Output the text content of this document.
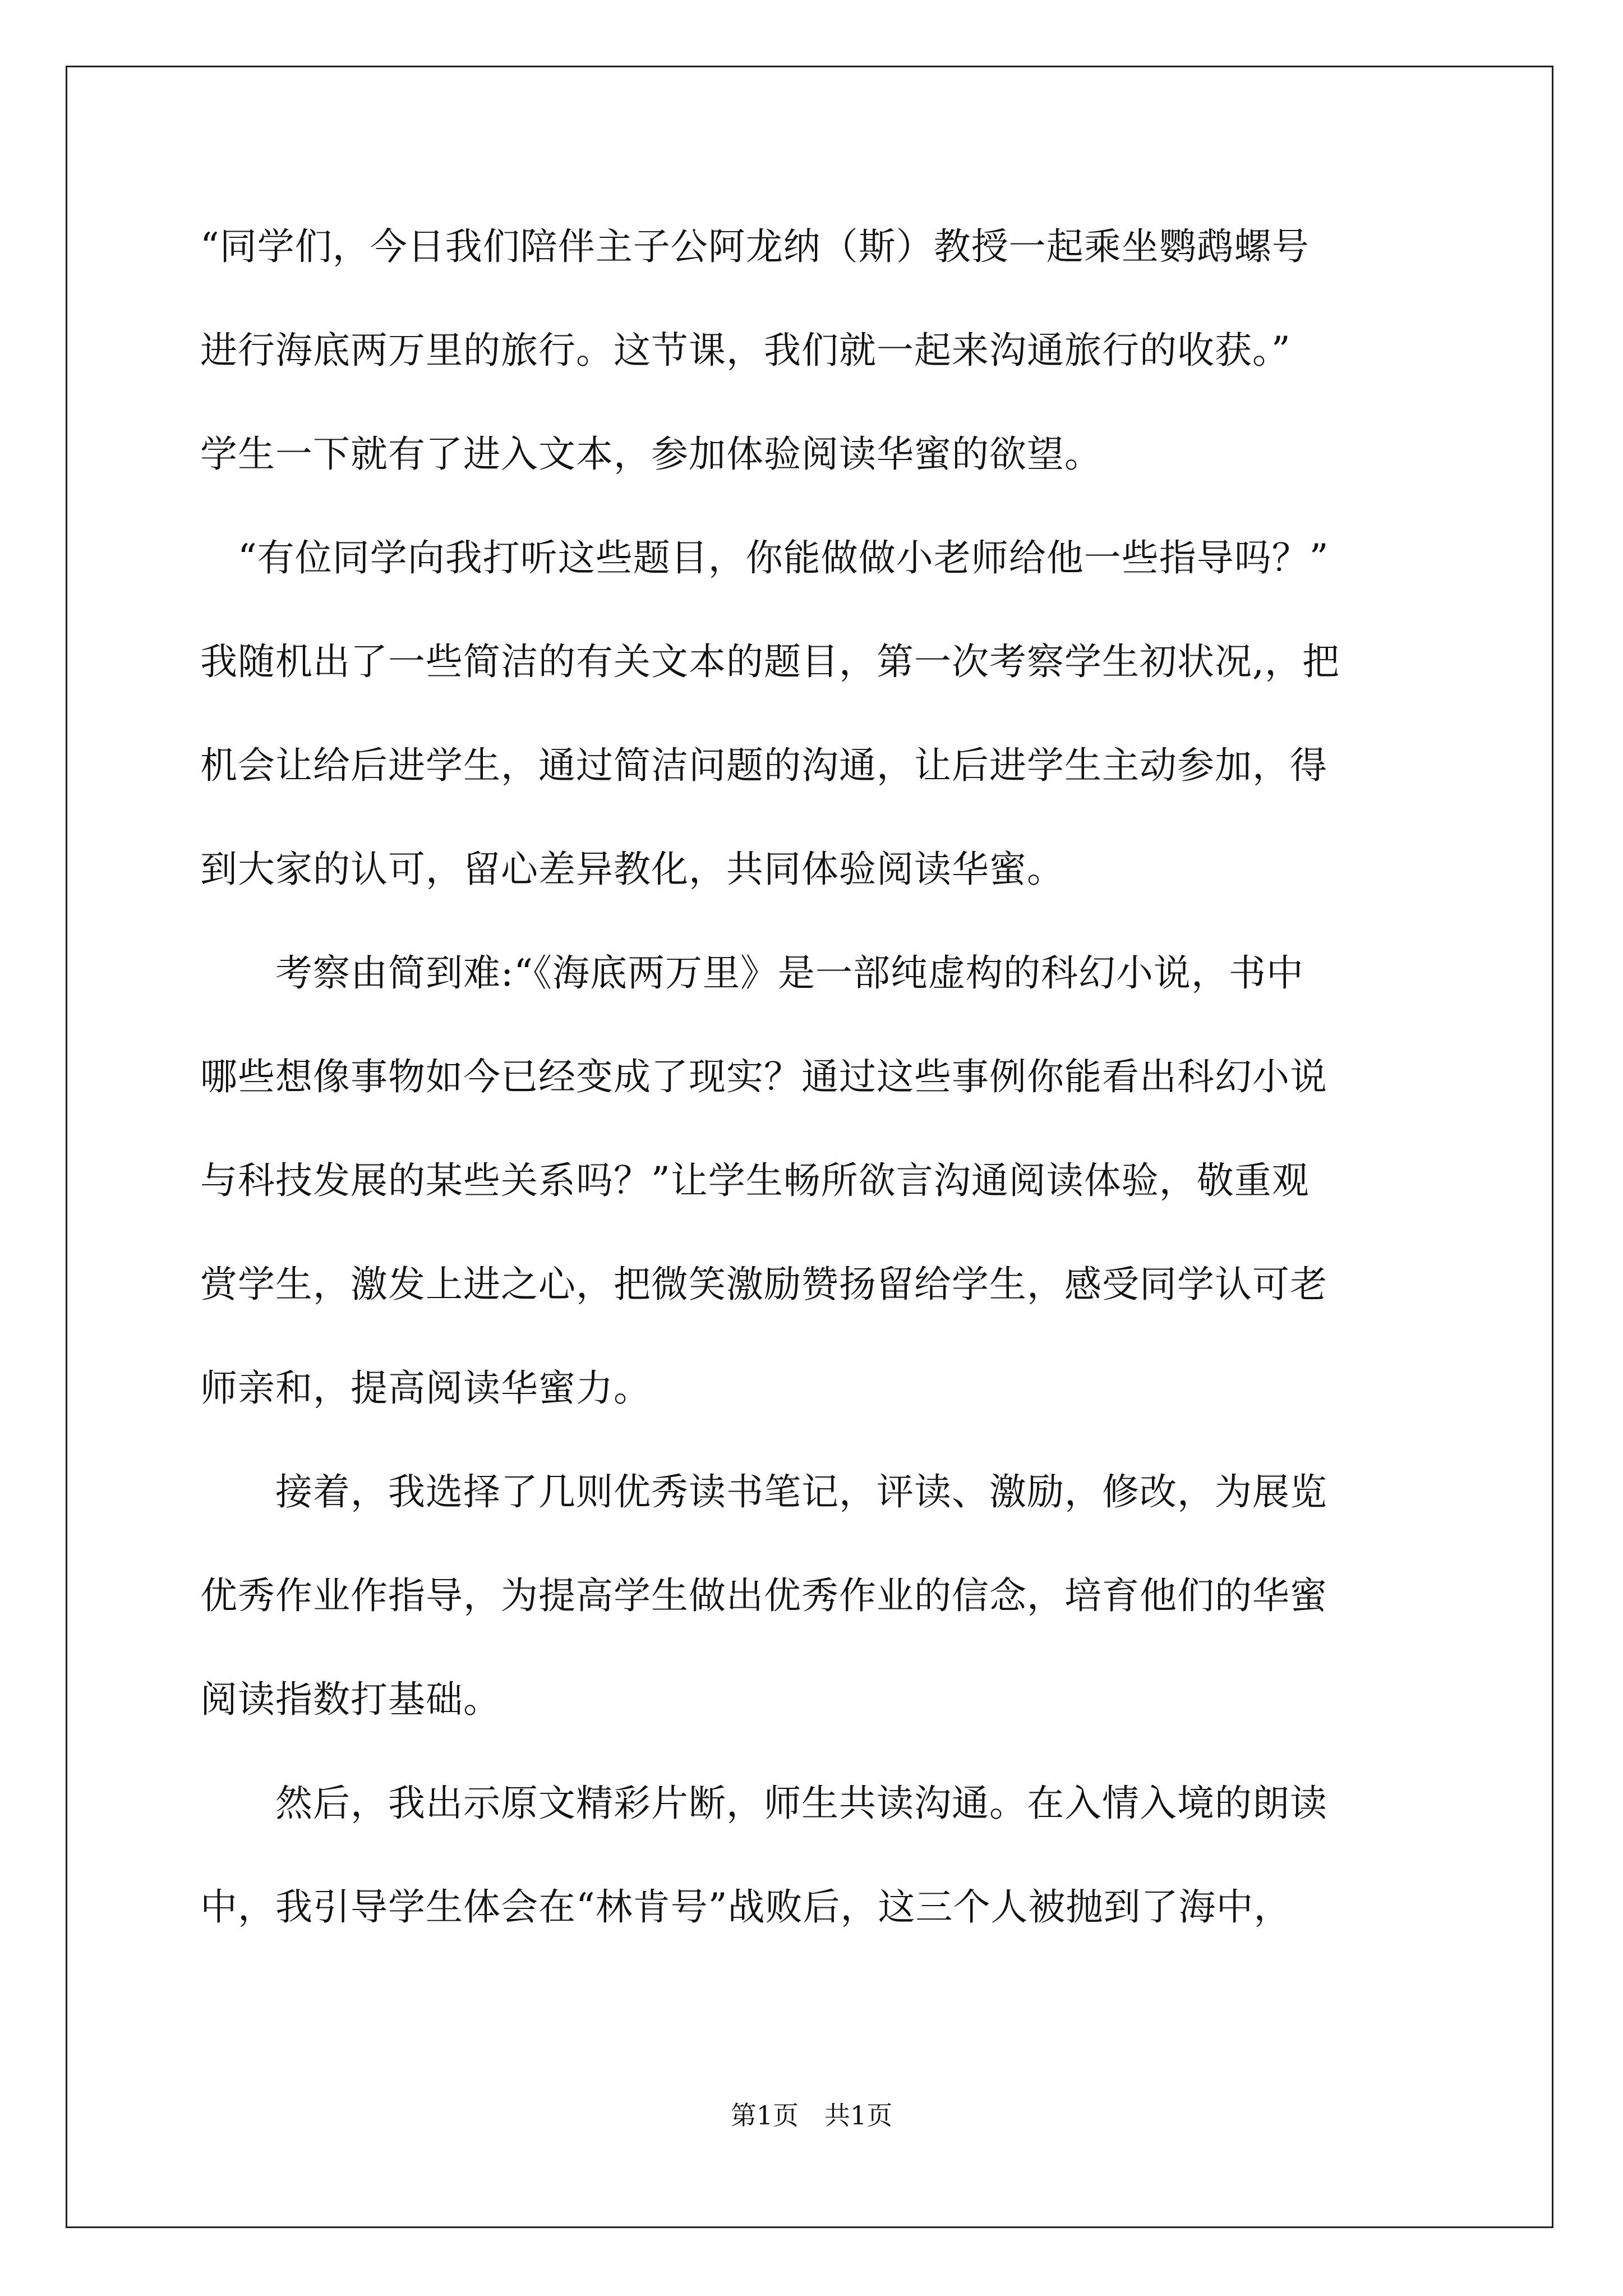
“同学们，今日我们陪伴主子公阿龙纳（斯）教授一起乘坐鹦鹉螺号
进行海底两万里的旅行。这节课，我们就一起来沟通旅行的收获。”
学生一下就有了进入文本，参加体验阅读华蜜的欲望。
　“有位同学向我打听这些题目，你能做做小老师给他一些指导吗？”
我随机出了一些简洁的有关文本的题目，第一次考察学生初状况,，把
机会让给后进学生，通过简洁问题的沟通，让后进学生主动参加，得
到大家的认可，留心差异教化，共同体验阅读华蜜。
　　考察由简到难:“《海底两万里》是一部纯虚构的科幻小说，书中
哪些想像事物如今已经变成了现实？通过这些事例你能看出科幻小说
与科技发展的某些关系吗？”让学生畅所欲言沟通阅读体验，敬重观
赏学生，激发上进之心，把微笑激励赞扬留给学生，感受同学认可老
师亲和，提高阅读华蜜力。
　　接着，我选择了几则优秀读书笔记，评读、激励，修改，为展览
优秀作业作指导，为提高学生做出优秀作业的信念，培育他们的华蜜
阅读指数打基础。
　　然后，我出示原文精彩片断，师生共读沟通。在入情入境的朗读
中，我引导学生体会在“林肯号”战败后，这三个人被抛到了海中，
第1页　共1页
